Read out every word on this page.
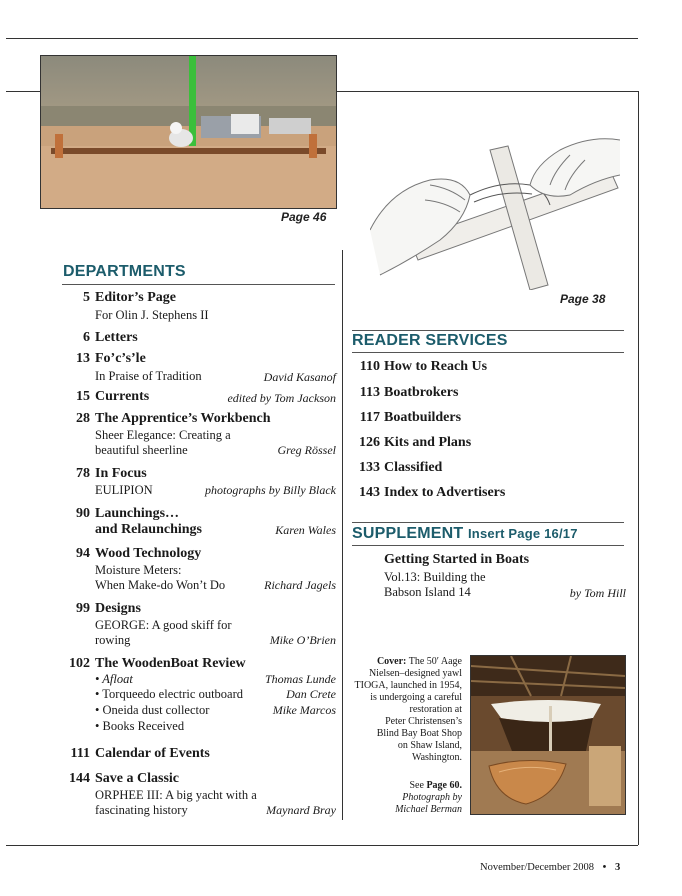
Page 46
Page 38
DEPARTMENTS
5 Editor’s Page
For Olin J. Stephens II
6 Letters
13 Fo’c’s’le
In Praise of Tradition	David Kasanof
15 Currents	edited by Tom Jackson
28 The Apprentice’s Workbench
Sheer Elegance: Creating a
beautiful sheerline	Greg Rössel
78 In Focus
EULIPION	photographs by Billy Black
90 Launchings…
and Relaunchings	Karen Wales
94 Wood Technology
Moisture Meters:
When Make-do Won’t Do	Richard Jagels
99 Designs
GEORGE: A good skiff for
rowing	Mike O’Brien
102 The WoodenBoat Review
• Afloat	Thomas Lunde
• Torqueedo electric outboard	Dan Crete
• Oneida dust collector	Mike Marcos
• Books Received
111 Calendar of Events
144 Save a Classic
ORPHEE III: A big yacht with a
fascinating history	Maynard Bray
READER SERVICES
110 How to Reach Us
113 Boatbrokers
117 Boatbuilders
126 Kits and Plans
133 Classified
143 Index to Advertisers
SUPPLEMENT Insert Page 16/17
Getting Started in Boats
Vol.13: Building the
Babson Island 14	by Tom Hill
Cover: The 50′ Aage
Nielsen–designed yawl
TIOGA, launched in 1954,
is undergoing a careful
restoration at
Peter Christensen’s
Blind Bay Boat Shop
on Shaw Island,
Washington.
See Page 60.
Photograph by
Michael Berman
November/December 2008 • 3
